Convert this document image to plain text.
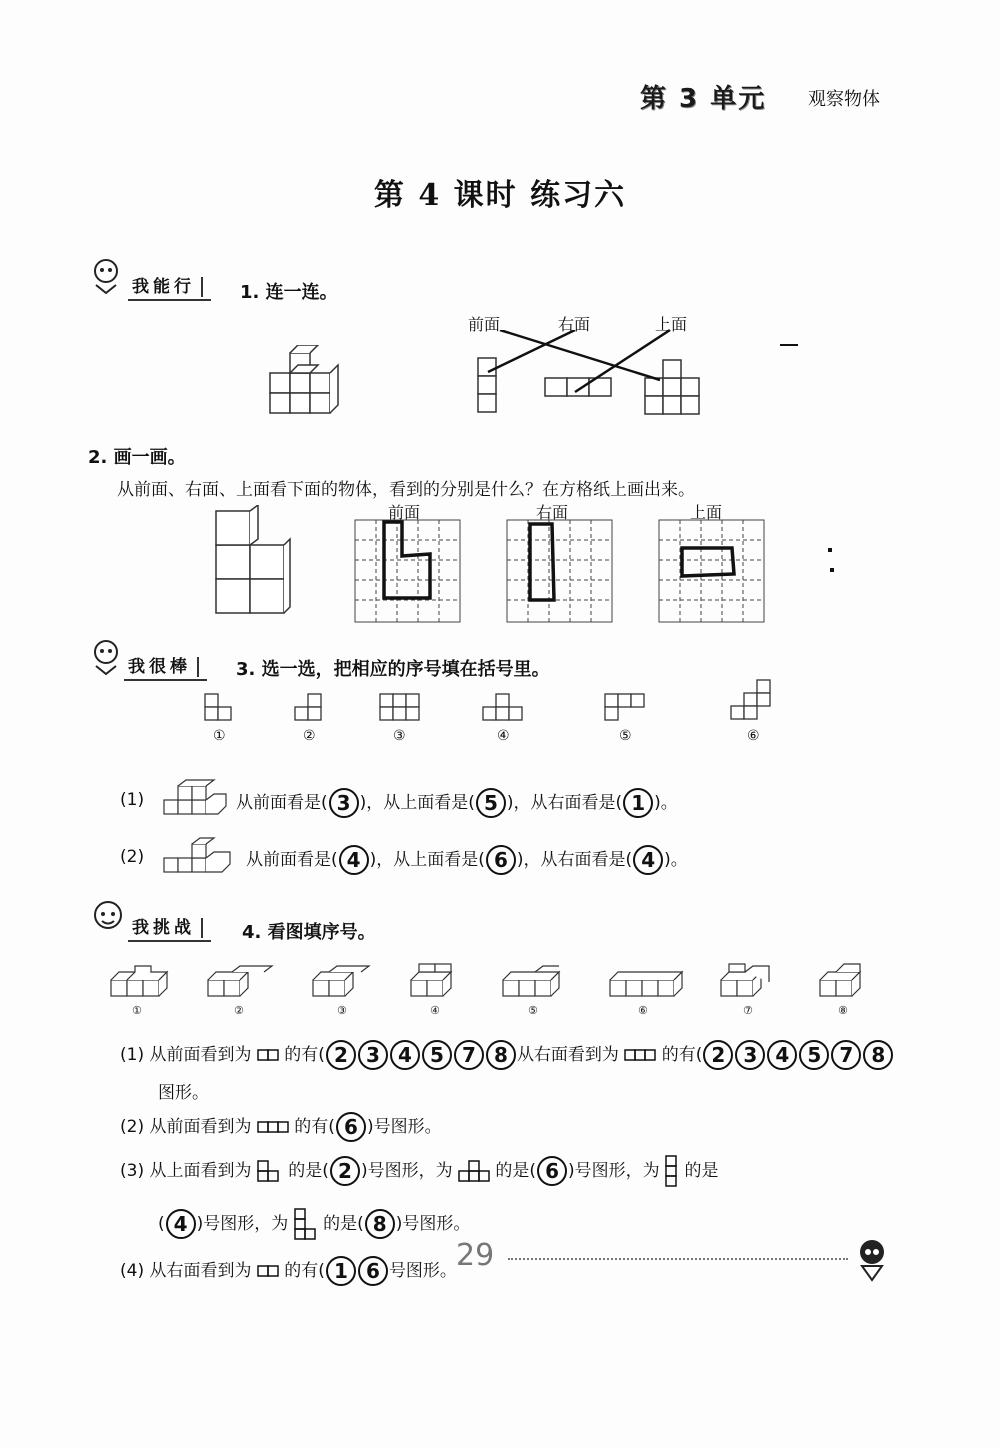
第 3 单元 观察物体
第 4 课时 练习六
我能行	1. 连一连。
前面	右面	上面
2. 画一画。
从前面、右面、上面看下面的物体，看到的分别是什么？在方格纸上画出来。
前面	右面	上面
我很棒	3. 选一选，把相应的序号填在括号里。
①	②	③	④	⑤	⑥
(1)	从前面看是( 3 )，从上面看是( 5 )，从右面看是( 1 )。
(2)	从前面看是( 4 )，从上面看是( 6 )，从右面看是( 4 )。
我挑战	4. 看图填序号。
①	②	③	④	⑤	⑥	⑦	⑧
(1) 从前面看到为 的有( 2 3 4 5 7 8 从右面看到为	的有( 2 3 4 5 7 8
图形。
(2) 从前面看到为	的有( 6 )号图形。
(3) 从上面看到为 的是( 2 )号图形，为	的是( 6 )号图形，为 的是
( 4 )号图形，为 的是( 8 )号图形。
(4) 从右面看到为 的有( 1 6 号图形。 29
